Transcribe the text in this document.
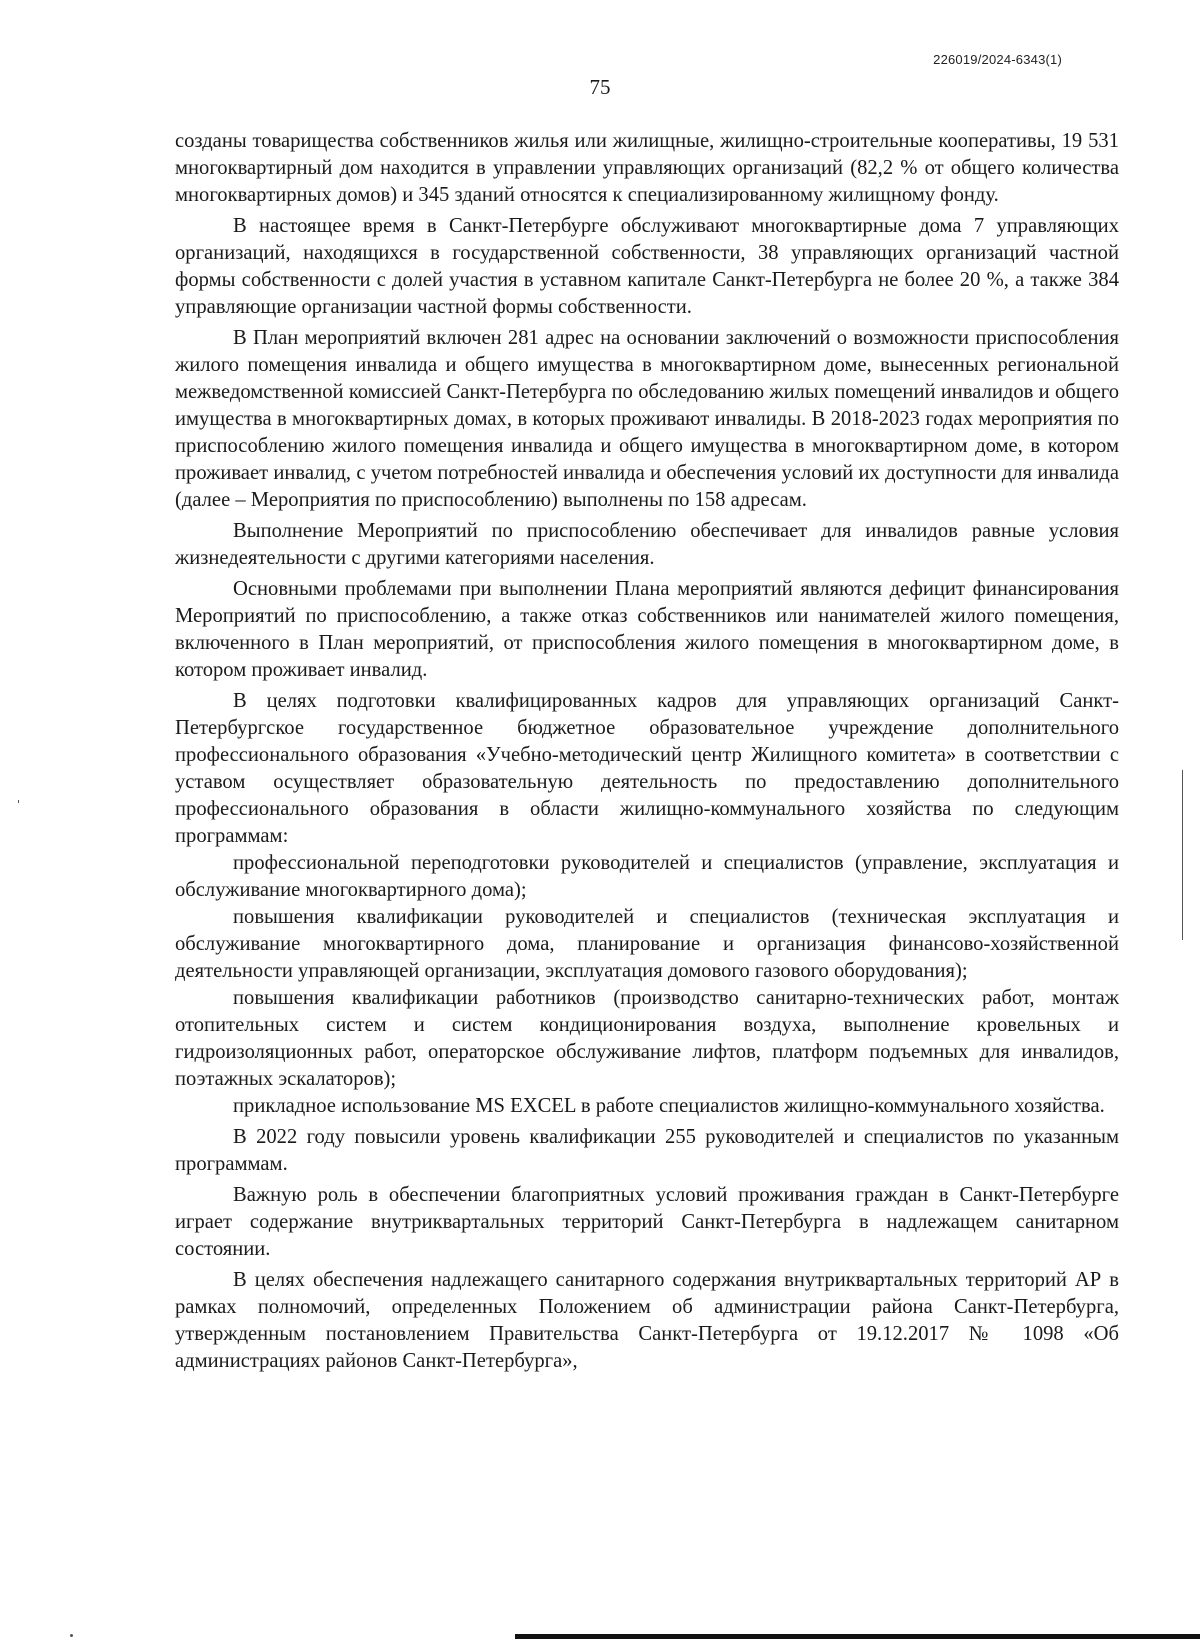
226019/2024-6343(1)
75

созданы товарищества собственников жилья или жилищные, жилищно-строительные кооперативы, 19 531 многоквартирный дом находится в управлении управляющих организаций (82,2 % от общего количества многоквартирных домов) и 345 зданий относятся к специализированному жилищному фонду.

В настоящее время в Санкт-Петербурге обслуживают многоквартирные дома 7 управляющих организаций, находящихся в государственной собственности, 38 управляющих организаций частной формы собственности с долей участия в уставном капитале Санкт-Петербурга не более 20 %, а также 384 управляющие организации частной формы собственности.

В План мероприятий включен 281 адрес на основании заключений о возможности приспособления жилого помещения инвалида и общего имущества в многоквартирном доме, вынесенных региональной межведомственной комиссией Санкт-Петербурга по обследованию жилых помещений инвалидов и общего имущества в многоквартирных домах, в которых проживают инвалиды. В 2018-2023 годах мероприятия по приспособлению жилого помещения инвалида и общего имущества в многоквартирном доме, в котором проживает инвалид, с учетом потребностей инвалида и обеспечения условий их доступности для инвалида (далее – Мероприятия по приспособлению) выполнены по 158 адресам.

Выполнение Мероприятий по приспособлению обеспечивает для инвалидов равные условия жизнедеятельности с другими категориями населения.

Основными проблемами при выполнении Плана мероприятий являются дефицит финансирования Мероприятий по приспособлению, а также отказ собственников или нанимателей жилого помещения, включенного в План мероприятий, от приспособления жилого помещения в многоквартирном доме, в котором проживает инвалид.

В целях подготовки квалифицированных кадров для управляющих организаций Санкт-Петербургское государственное бюджетное образовательное учреждение дополнительного профессионального образования «Учебно-методический центр Жилищного комитета» в соответствии с уставом осуществляет образовательную деятельность по предоставлению дополнительного профессионального образования в области жилищно-коммунального хозяйства по следующим программам:

профессиональной переподготовки руководителей и специалистов (управление, эксплуатация и обслуживание многоквартирного дома);

повышения квалификации руководителей и специалистов (техническая эксплуатация и обслуживание многоквартирного дома, планирование и организация финансово-хозяйственной деятельности управляющей организации, эксплуатация домового газового оборудования);

повышения квалификации работников (производство санитарно-технических работ, монтаж отопительных систем и систем кондиционирования воздуха, выполнение кровельных и гидроизоляционных работ, операторское обслуживание лифтов, платформ подъемных для инвалидов, поэтажных эскалаторов);

прикладное использование MS EXCEL в работе специалистов жилищно-коммунального хозяйства.

В 2022 году повысили уровень квалификации 255 руководителей и специалистов по указанным программам.

Важную роль в обеспечении благоприятных условий проживания граждан в Санкт-Петербурге играет содержание внутриквартальных территорий Санкт-Петербурга в надлежащем санитарном состоянии.

В целях обеспечения надлежащего санитарного содержания внутриквартальных территорий АР в рамках полномочий, определенных Положением об администрации района Санкт-Петербурга, утвержденным постановлением Правительства Санкт-Петербурга от 19.12.2017 № 1098 «Об администрациях районов Санкт-Петербурга»,
